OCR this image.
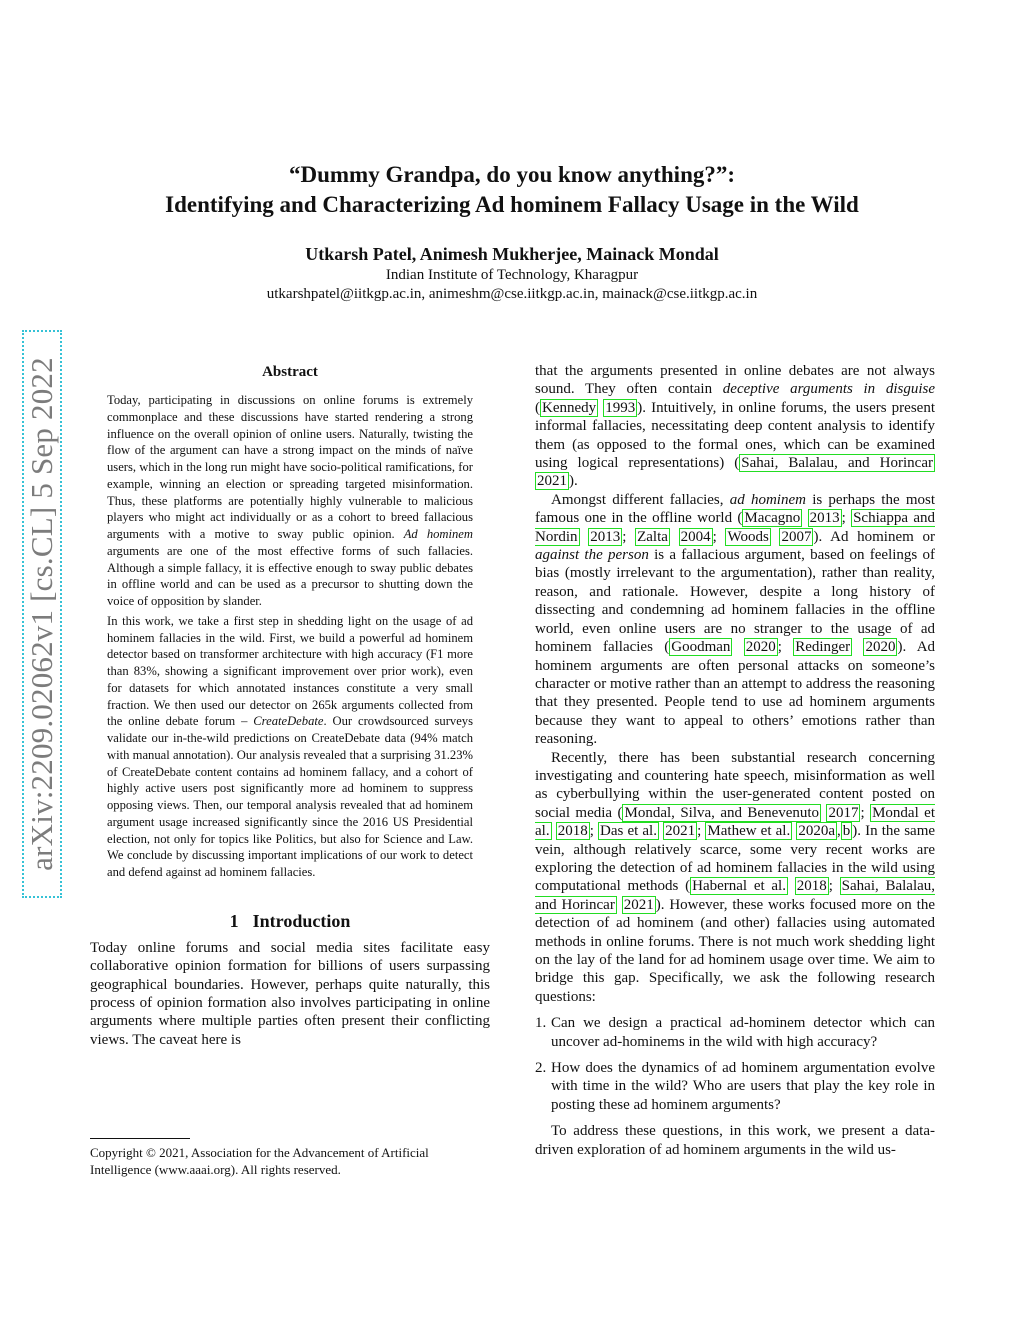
arXiv:2209.02062v1 [cs.CL] 5 Sep 2022
“Dummy Grandpa, do you know anything?”:
Identifying and Characterizing Ad hominem Fallacy Usage in the Wild
Utkarsh Patel, Animesh Mukherjee, Mainack Mondal
Indian Institute of Technology, Kharagpur
utkarshpatel@iitkgp.ac.in, animeshm@cse.iitkgp.ac.in, mainack@cse.iitkgp.ac.in
Abstract

Today, participating in discussions on online forums is extremely commonplace and these discussions have started rendering a strong influence on the overall opinion of online users. Naturally, twisting the flow of the argument can have a strong impact on the minds of naïve users, which in the long run might have socio-political ramifications, for example, winning an election or spreading targeted misinformation. Thus, these platforms are potentially highly vulnerable to malicious players who might act individually or as a cohort to breed fallacious arguments with a motive to sway public opinion. Ad hominem arguments are one of the most effective forms of such fallacies. Although a simple fallacy, it is effective enough to sway public debates in offline world and can be used as a precursor to shutting down the voice of opposition by slander.

In this work, we take a first step in shedding light on the usage of ad hominem fallacies in the wild. First, we build a powerful ad hominem detector based on transformer architecture with high accuracy (F1 more than 83%, showing a significant improvement over prior work), even for datasets for which annotated instances constitute a very small fraction. We then used our detector on 265k arguments collected from the online debate forum – CreateDebate. Our crowdsourced surveys validate our in-the-wild predictions on CreateDebate data (94% match with manual annotation). Our analysis revealed that a surprising 31.23% of CreateDebate content contains ad hominem fallacy, and a cohort of highly active users post significantly more ad hominem to suppress opposing views. Then, our temporal analysis revealed that ad hominem argument usage increased significantly since the 2016 US Presidential election, not only for topics like Politics, but also for Science and Law. We conclude by discussing important implications of our work to detect and defend against ad hominem fallacies.

1 Introduction

Today online forums and social media sites facilitate easy collaborative opinion formation for billions of users surpassing geographical boundaries. However, perhaps quite naturally, this process of opinion formation also involves participating in online arguments where multiple parties often present their conflicting views. The caveat here is

Copyright © 2021, Association for the Advancement of Artificial Intelligence (www.aaai.org). All rights reserved.

that the arguments presented in online debates are not always sound. They often contain deceptive arguments in disguise ( Kennedy 1993 ). Intuitively, in online forums, the users present informal fallacies, necessitating deep content analysis to identify them (as opposed to the formal ones, which can be examined using logical representations) ( Sahai, Balalau, and Horincar 2021 ).

Amongst different fallacies, ad hominem is perhaps the most famous one in the offline world ( Macagno 2013 ; Schiappa and Nordin 2013 ; Zalta 2004 ; Woods 2007 ). Ad hominem or against the person is a fallacious argument, based on feelings of bias (mostly irrelevant to the argumentation), rather than reality, reason, and rationale. However, despite a long history of dissecting and condemning ad hominem fallacies in the offline world, even online users are no stranger to the usage of ad hominem fallacies ( Goodman 2020 ; Redinger 2020 ). Ad hominem arguments are often personal attacks on someone’s character or motive rather than an attempt to address the reasoning that they presented. People tend to use ad hominem arguments because they want to appeal to others’ emotions rather than reasoning.

Recently, there has been substantial research concerning investigating and countering hate speech, misinformation as well as cyberbullying within the user-generated content posted on social media ( Mondal, Silva, and Benevenuto 2017 ; Mondal et al. 2018 ; Das et al. 2021 ; Mathew et al. 2020a , b ). In the same vein, although relatively scarce, some very recent works are exploring the detection of ad hominem fallacies in the wild using computational methods ( Habernal et al. 2018 ; Sahai, Balalau, and Horincar 2021 ). However, these works focused more on the detection of ad hominem (and other) fallacies using automated methods in online forums. There is not much work shedding light on the lay of the land for ad hominem usage over time. We aim to bridge this gap. Specifically, we ask the following research questions:

1. Can we design a practical ad-hominem detector which can uncover ad-hominems in the wild with high accuracy?
2. How does the dynamics of ad hominem argumentation evolve with time in the wild? Who are users that play the key role in posting these ad hominem arguments?

To address these questions, in this work, we present a data-driven exploration of ad hominem arguments in the wild us-
